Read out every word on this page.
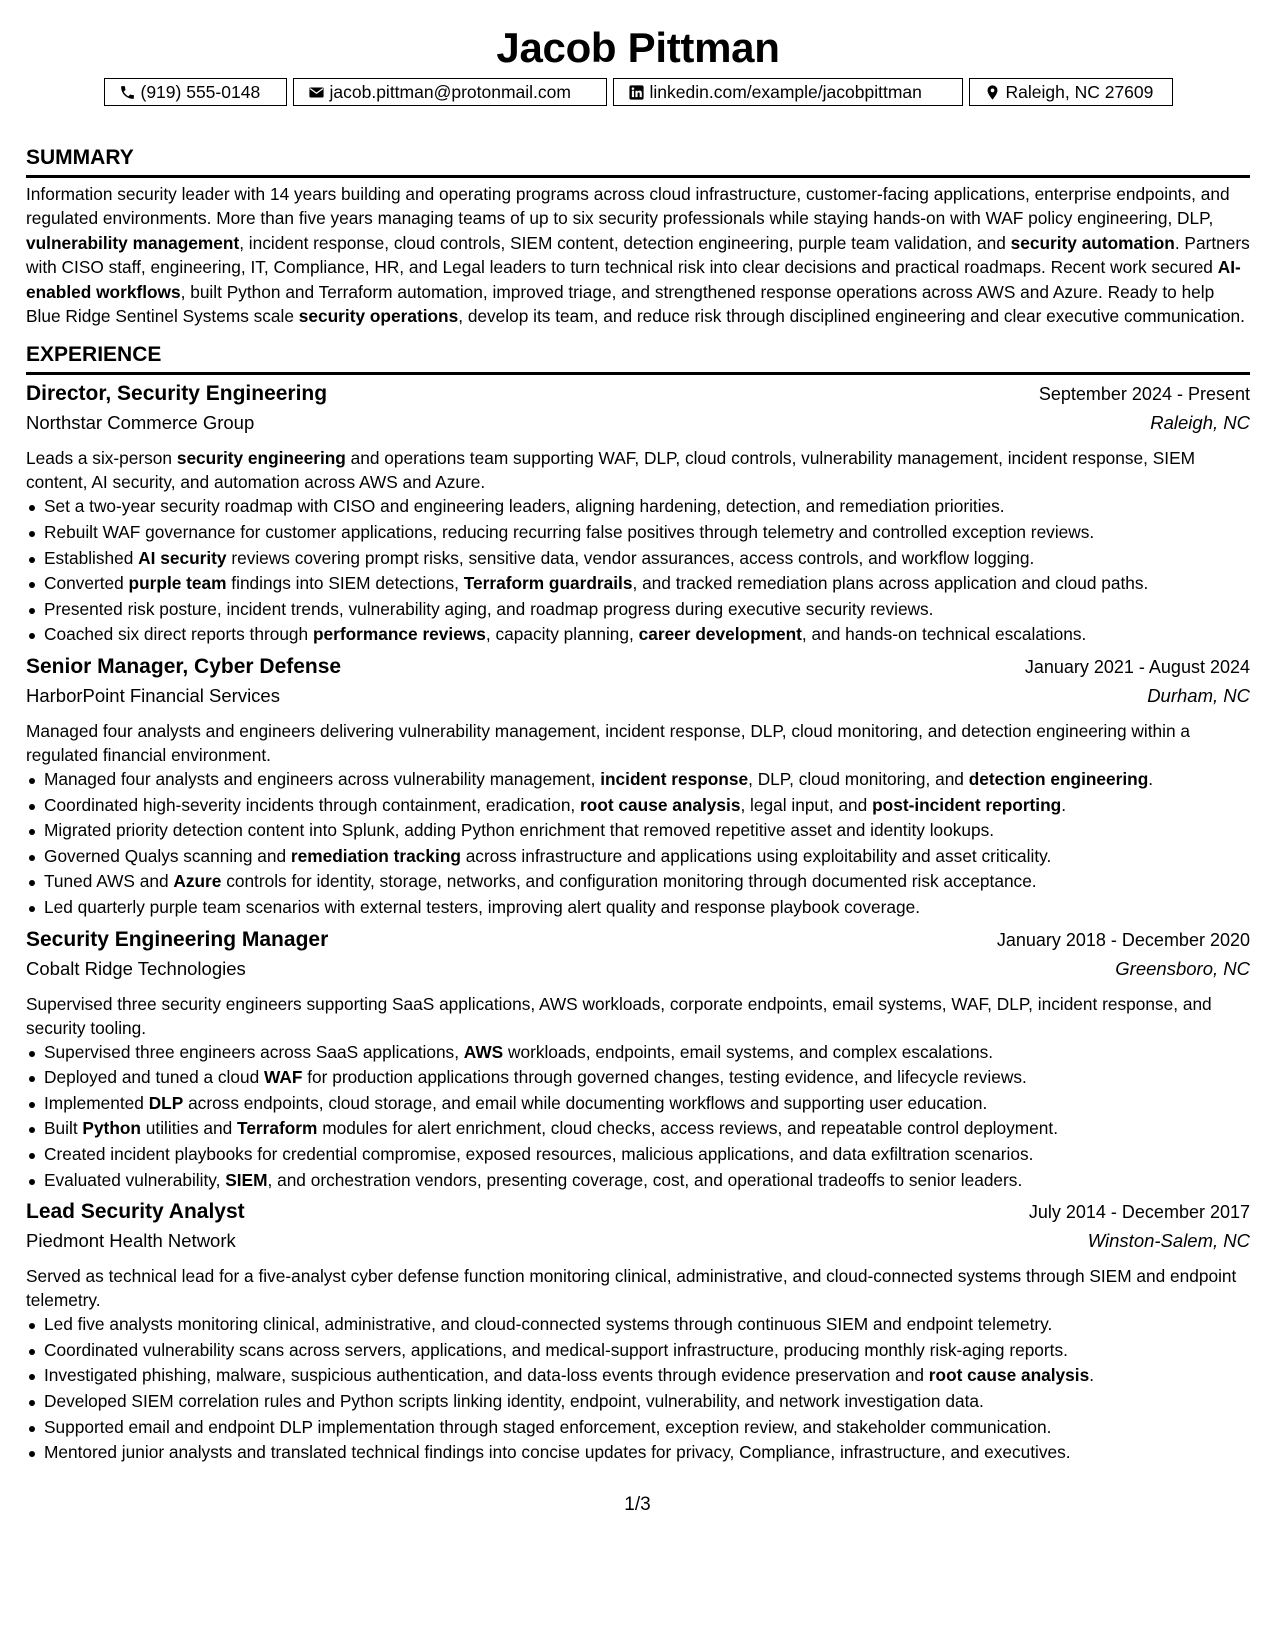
Jacob Pittman
(919) 555-0148	jacob.pittman@protonmail.com	linkedin.com/example/jacobpittman	Raleigh, NC 27609
SUMMARY

Information security leader with 14 years building and operating programs across cloud infrastructure, customer-facing applications, enterprise endpoints, and regulated environments. More than five years managing teams of up to six security professionals while staying hands-on with WAF policy engineering, DLP, vulnerability management, incident response, cloud controls, SIEM content, detection engineering, purple team validation, and security automation. Partners with CISO staff, engineering, IT, Compliance, HR, and Legal leaders to turn technical risk into clear decisions and practical roadmaps. Recent work secured AI-enabled workflows, built Python and Terraform automation, improved triage, and strengthened response operations across AWS and Azure. Ready to help Blue Ridge Sentinel Systems scale security operations, develop its team, and reduce risk through disciplined engineering and clear executive communication.

EXPERIENCE
Director, Security Engineering	September 2024 - Present
Northstar Commerce Group	Raleigh, NC
Leads a six-person security engineering and operations team supporting WAF, DLP, cloud controls, vulnerability management, incident response, SIEM content, AI security, and automation across AWS and Azure.
Set a two-year security roadmap with CISO and engineering leaders, aligning hardening, detection, and remediation priorities.
Rebuilt WAF governance for customer applications, reducing recurring false positives through telemetry and controlled exception reviews.
Established AI security reviews covering prompt risks, sensitive data, vendor assurances, access controls, and workflow logging.
Converted purple team findings into SIEM detections, Terraform guardrails, and tracked remediation plans across application and cloud paths.
Presented risk posture, incident trends, vulnerability aging, and roadmap progress during executive security reviews.
Coached six direct reports through performance reviews, capacity planning, career development, and hands-on technical escalations.
Senior Manager, Cyber Defense	January 2021 - August 2024
HarborPoint Financial Services	Durham, NC
Managed four analysts and engineers delivering vulnerability management, incident response, DLP, cloud monitoring, and detection engineering within a regulated financial environment.
Managed four analysts and engineers across vulnerability management, incident response, DLP, cloud monitoring, and detection engineering.
Coordinated high-severity incidents through containment, eradication, root cause analysis, legal input, and post-incident reporting.
Migrated priority detection content into Splunk, adding Python enrichment that removed repetitive asset and identity lookups.
Governed Qualys scanning and remediation tracking across infrastructure and applications using exploitability and asset criticality.
Tuned AWS and Azure controls for identity, storage, networks, and configuration monitoring through documented risk acceptance.
Led quarterly purple team scenarios with external testers, improving alert quality and response playbook coverage.
Security Engineering Manager	January 2018 - December 2020
Cobalt Ridge Technologies	Greensboro, NC
Supervised three security engineers supporting SaaS applications, AWS workloads, corporate endpoints, email systems, WAF, DLP, incident response, and security tooling.
Supervised three engineers across SaaS applications, AWS workloads, endpoints, email systems, and complex escalations.
Deployed and tuned a cloud WAF for production applications through governed changes, testing evidence, and lifecycle reviews.
Implemented DLP across endpoints, cloud storage, and email while documenting workflows and supporting user education.
Built Python utilities and Terraform modules for alert enrichment, cloud checks, access reviews, and repeatable control deployment.
Created incident playbooks for credential compromise, exposed resources, malicious applications, and data exfiltration scenarios.
Evaluated vulnerability, SIEM, and orchestration vendors, presenting coverage, cost, and operational tradeoffs to senior leaders.
Lead Security Analyst	July 2014 - December 2017
Piedmont Health Network	Winston-Salem, NC
Served as technical lead for a five-analyst cyber defense function monitoring clinical, administrative, and cloud-connected systems through SIEM and endpoint telemetry.
Led five analysts monitoring clinical, administrative, and cloud-connected systems through continuous SIEM and endpoint telemetry.
Coordinated vulnerability scans across servers, applications, and medical-support infrastructure, producing monthly risk-aging reports.
Investigated phishing, malware, suspicious authentication, and data-loss events through evidence preservation and root cause analysis.
Developed SIEM correlation rules and Python scripts linking identity, endpoint, vulnerability, and network investigation data.
Supported email and endpoint DLP implementation through staged enforcement, exception review, and stakeholder communication.
Mentored junior analysts and translated technical findings into concise updates for privacy, Compliance, infrastructure, and executives.
1/3
